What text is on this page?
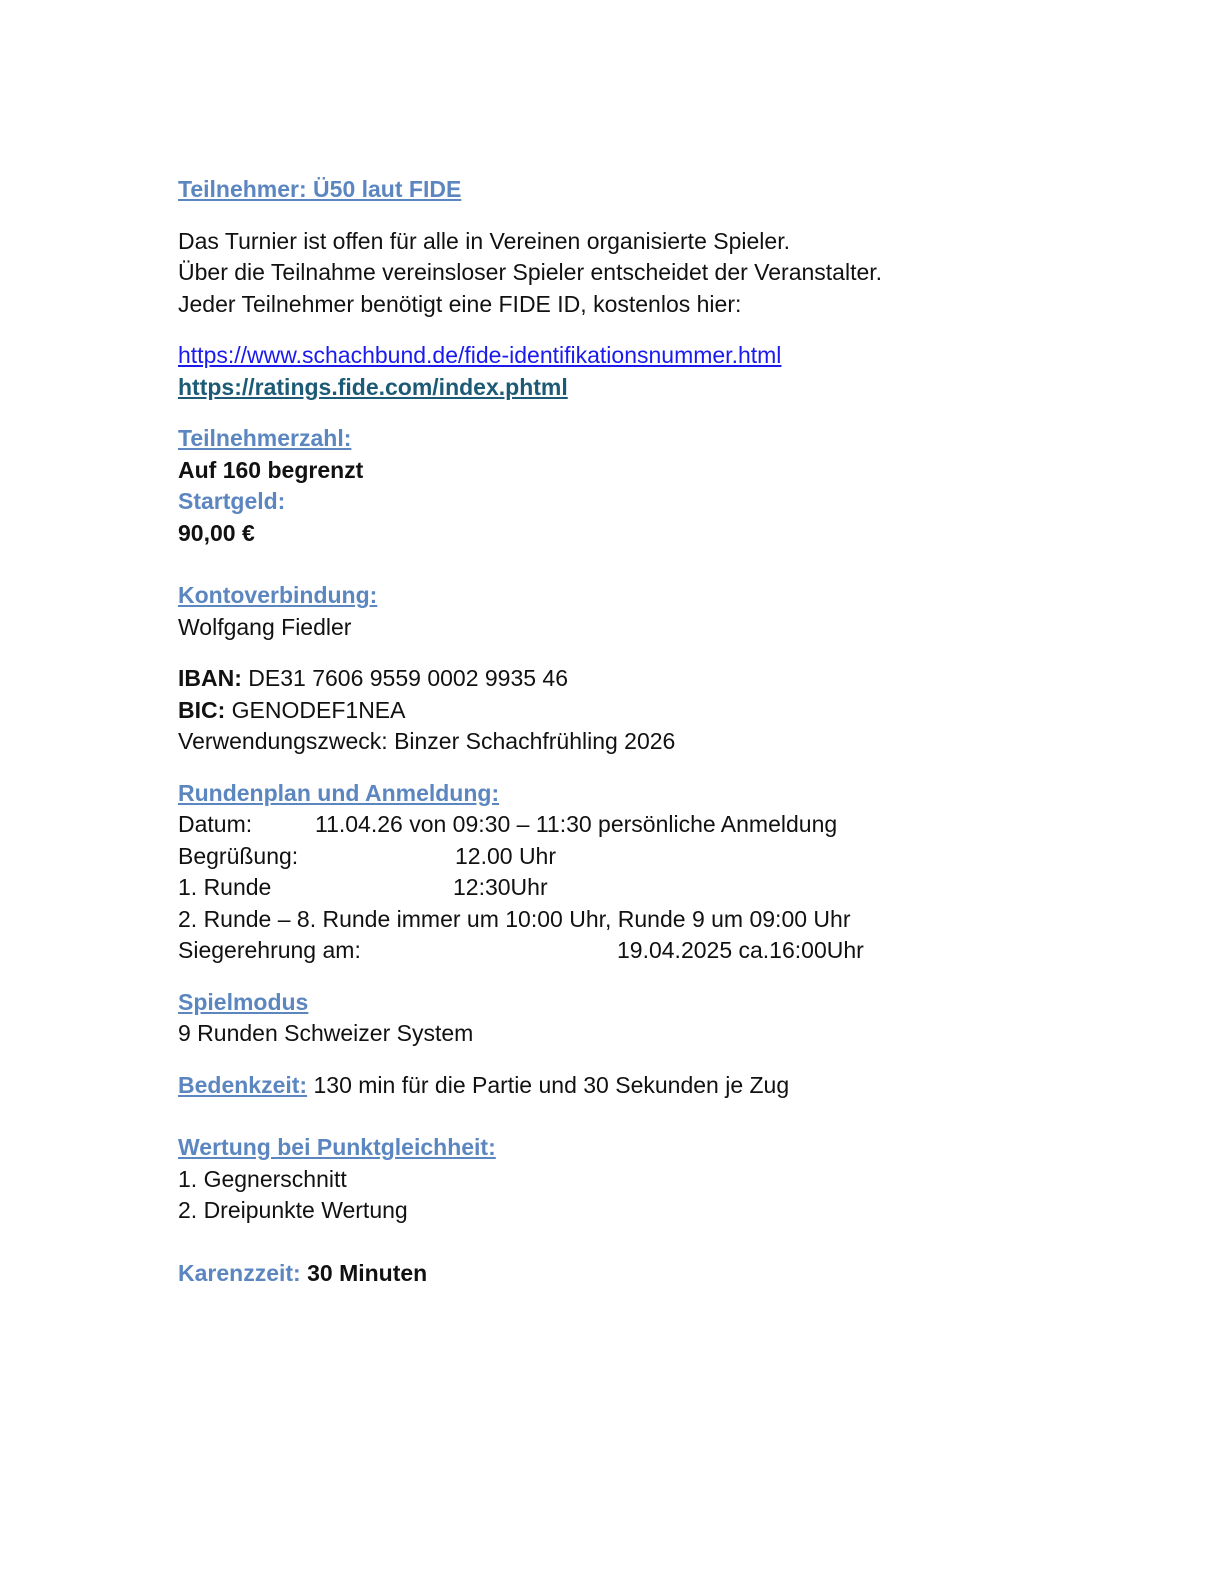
Teilnehmer: Ü50 laut FIDE
Das Turnier ist offen für alle in Vereinen organisierte Spieler.
Über die Teilnahme vereinsloser Spieler entscheidet der Veranstalter.
Jeder Teilnehmer benötigt eine FIDE ID, kostenlos hier:
https://www.schachbund.de/fide-identifikationsnummer.html
https://ratings.fide.com/index.phtml
Teilnehmerzahl:
Auf 160 begrenzt
Startgeld:
90,00 €
Kontoverbindung:
Wolfgang Fiedler
IBAN: DE31 7606 9559 0002 9935 46
BIC: GENODEF1NEA
Verwendungszweck: Binzer Schachfrühling 2026
Rundenplan und Anmeldung:
Datum:	11.04.26 von 09:30 – 11:30 persönliche Anmeldung
Begrüßung:	12.00 Uhr
1. Runde	12:30Uhr
2. Runde – 8. Runde immer um 10:00 Uhr, Runde 9 um 09:00 Uhr
Siegerehrung am:	19.04.2025 ca.16:00Uhr
Spielmodus
9 Runden Schweizer System
Bedenkzeit: 130 min für die Partie und 30 Sekunden je Zug
Wertung bei Punktgleichheit:
1. Gegnerschnitt
2. Dreipunkte Wertung
Karenzzeit: 30 Minuten
